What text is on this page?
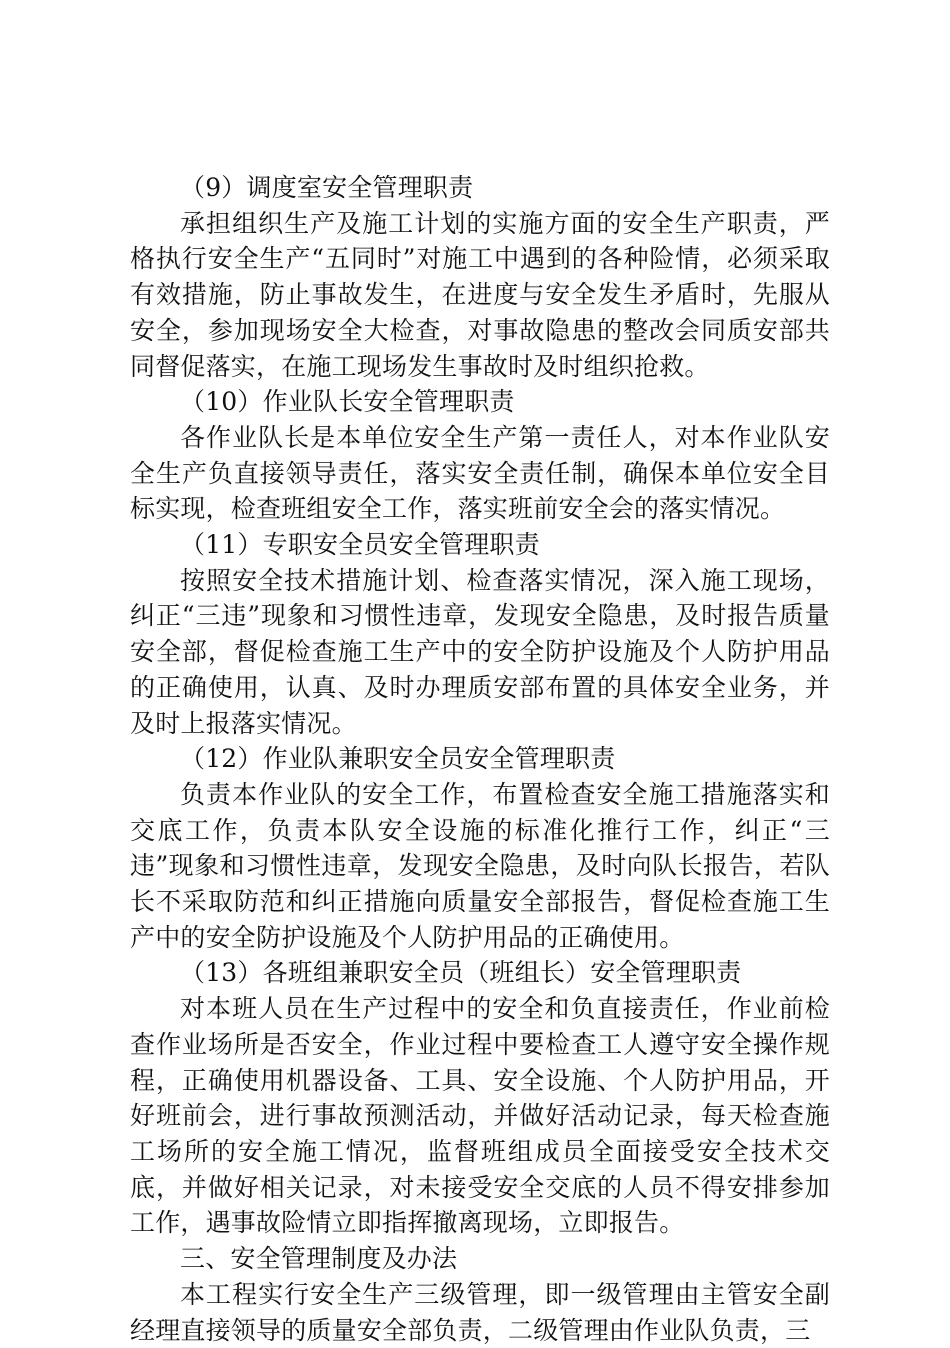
（9）调度室安全管理职责

承担组织生产及施工计划的实施方面的安全生产职责，严格执行安全生产“五同时”对施工中遇到的各种险情，必须采取有效措施，防止事故发生，在进度与安全发生矛盾时，先服从安全，参加现场安全大检查，对事故隐患的整改会同质安部共同督促落实，在施工现场发生事故时及时组织抢救。

（10）作业队长安全管理职责

各作业队长是本单位安全生产第一责任人，对本作业队安全生产负直接领导责任，落实安全责任制，确保本单位安全目标实现，检查班组安全工作，落实班前安全会的落实情况。

（11）专职安全员安全管理职责

按照安全技术措施计划、检查落实情况，深入施工现场，纠正“三违”现象和习惯性违章，发现安全隐患，及时报告质量安全部，督促检查施工生产中的安全防护设施及个人防护用品的正确使用，认真、及时办理质安部布置的具体安全业务，并及时上报落实情况。

（12）作业队兼职安全员安全管理职责

负责本作业队的安全工作，布置检查安全施工措施落实和交底工作，负责本队安全设施的标准化推行工作，纠正“三违”现象和习惯性违章，发现安全隐患，及时向队长报告，若队长不采取防范和纠正措施向质量安全部报告，督促检查施工生产中的安全防护设施及个人防护用品的正确使用。

（13）各班组兼职安全员（班组长）安全管理职责

对本班人员在生产过程中的安全和负直接责任，作业前检查作业场所是否安全，作业过程中要检查工人遵守安全操作规程，正确使用机器设备、工具、安全设施、个人防护用品，开好班前会，进行事故预测活动，并做好活动记录，每天检查施工场所的安全施工情况，监督班组成员全面接受安全技术交底，并做好相关记录，对未接受安全交底的人员不得安排参加工作，遇事故险情立即指挥撤离现场，立即报告。

三、安全管理制度及办法

本工程实行安全生产三级管理，即一级管理由主管安全副经理直接领导的质量安全部负责，二级管理由作业队负责，三
